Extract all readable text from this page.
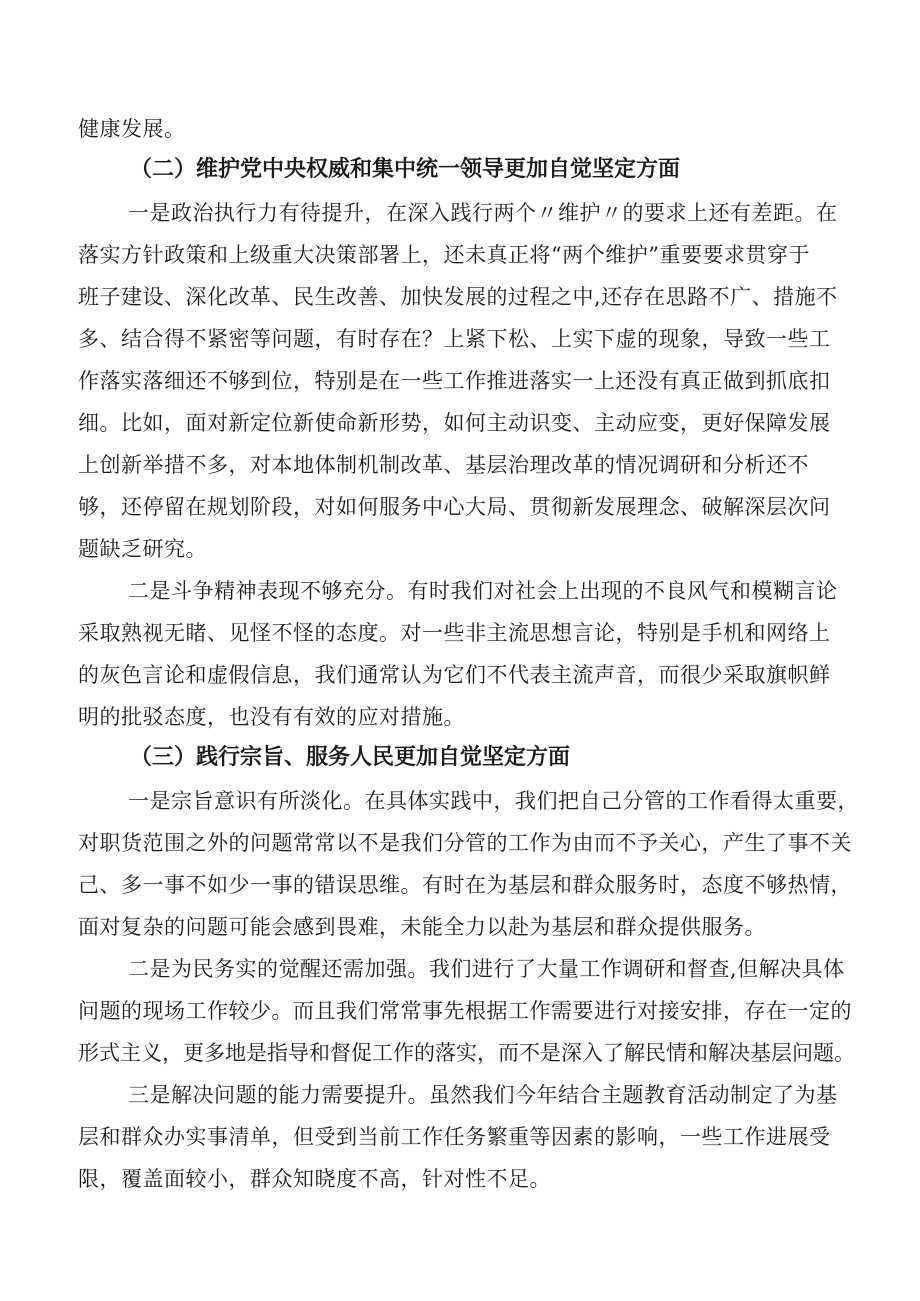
健康发展。
（二）维护党中央权威和集中统一领导更加自觉坚定方面
一是政治执行力有待提升，在深入践行两个〃维护〃的要求上还有差距。在
落实方针政策和上级重大决策部署上，还未真正将“两个维护”重要要求贯穿于
班子建设、深化改革、民生改善、加快发展的过程之中,还存在思路不广、措施不
多、结合得不紧密等问题，有时存在？上紧下松、上实下虚的现象，导致一些工
作落实落细还不够到位，特别是在一些工作推进落实一上还没有真正做到抓底扣
细。比如，面对新定位新使命新形势，如何主动识变、主动应变，更好保障发展
上创新举措不多，对本地体制机制改革、基层治理改革的情况调研和分析还不
够，还停留在规划阶段，对如何服务中心大局、贯彻新发展理念、破解深层次问
题缺乏研究。
二是斗争精神表现不够充分。有时我们对社会上出现的不良风气和模糊言论
采取熟视无睹、见怪不怪的态度。对一些非主流思想言论，特别是手机和网络上
的灰色言论和虚假信息，我们通常认为它们不代表主流声音，而很少采取旗帜鲜
明的批驳态度，也没有有效的应对措施。
（三）践行宗旨、服务人民更加自觉坚定方面
一是宗旨意识有所淡化。在具体实践中，我们把自己分管的工作看得太重要，
对职货范围之外的问题常常以不是我们分管的工作为由而不予关心，产生了事不关
己、多一事不如少一事的错误思维。有时在为基层和群众服务时，态度不够热情，
面对复杂的问题可能会感到畏难，未能全力以赴为基层和群众提供服务。
二是为民务实的觉醒还需加强。我们进行了大量工作调研和督查,但解决具体
问题的现场工作较少。而且我们常常事先根据工作需要进行对接安排，存在一定的
形式主义，更多地是指导和督促工作的落实，而不是深入了解民情和解决基层问题。
三是解决问题的能力需要提升。虽然我们今年结合主题教育活动制定了为基
层和群众办实事清单，但受到当前工作任务繁重等因素的影响，一些工作进展受
限，覆盖面较小，群众知晓度不高，针对性不足。
